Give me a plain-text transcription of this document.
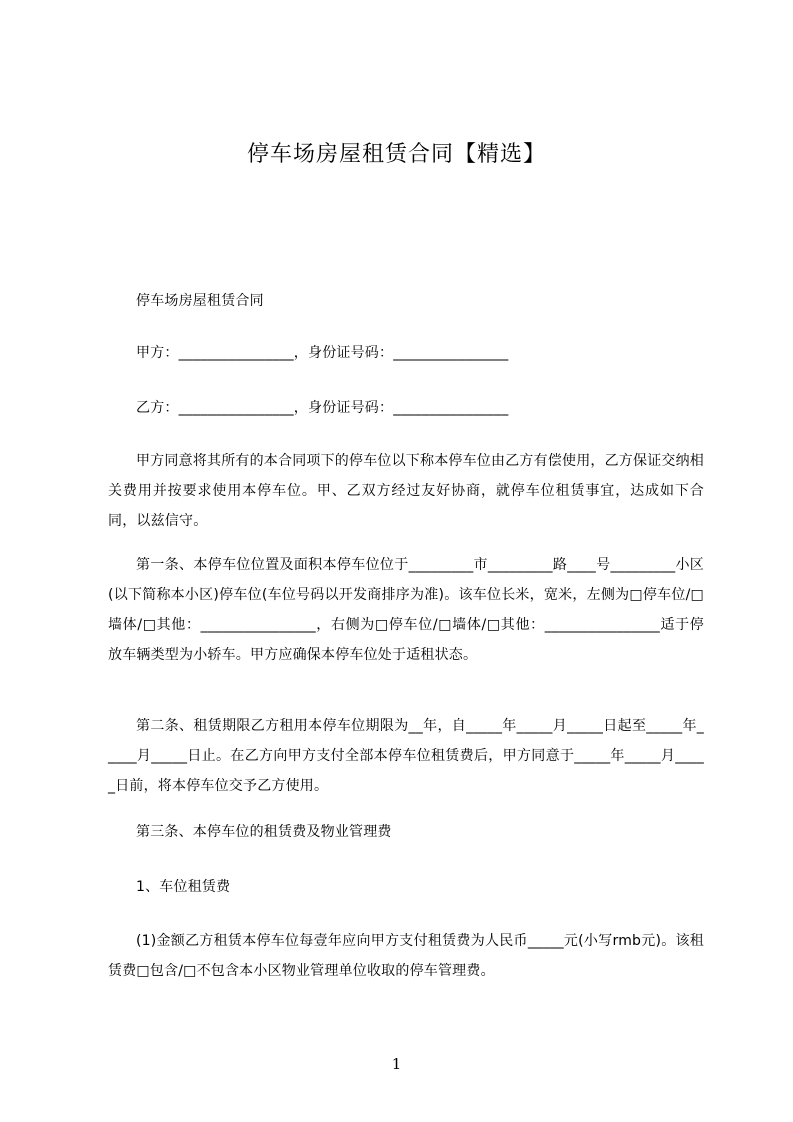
停车场房屋租赁合同【精选】

停车场房屋租赁合同

甲方：________________，身份证号码：________________

乙方：________________，身份证号码：________________

甲方同意将其所有的本合同项下的停车位以下称本停车位由乙方有偿使用，乙方保证交纳相关费用并按要求使用本停车位。甲、乙双方经过友好协商，就停车位租赁事宜，达成如下合同，以兹信守。

第一条、本停车位位置及面积本停车位位于_________市_________路____号_________小区(以下简称本小区)停车位(车位号码以开发商排序为准)。该车位长米，宽米，左侧为□停车位/□墙体/□其他：________________，右侧为□停车位/□墙体/□其他：________________适于停放车辆类型为小轿车。甲方应确保本停车位处于适租状态。

第二条、租赁期限乙方租用本停车位期限为__年，自_____年_____月_____日起至_____年_____月_____日止。在乙方向甲方支付全部本停车位租赁费后，甲方同意于_____年_____月_____日前，将本停车位交予乙方使用。

第三条、本停车位的租赁费及物业管理费

1、车位租赁费

(1)金额乙方租赁本停车位每壹年应向甲方支付租赁费为人民币_____元(小写rmb元)。该租赁费□包含/□不包含本小区物业管理单位收取的停车管理费。

1
